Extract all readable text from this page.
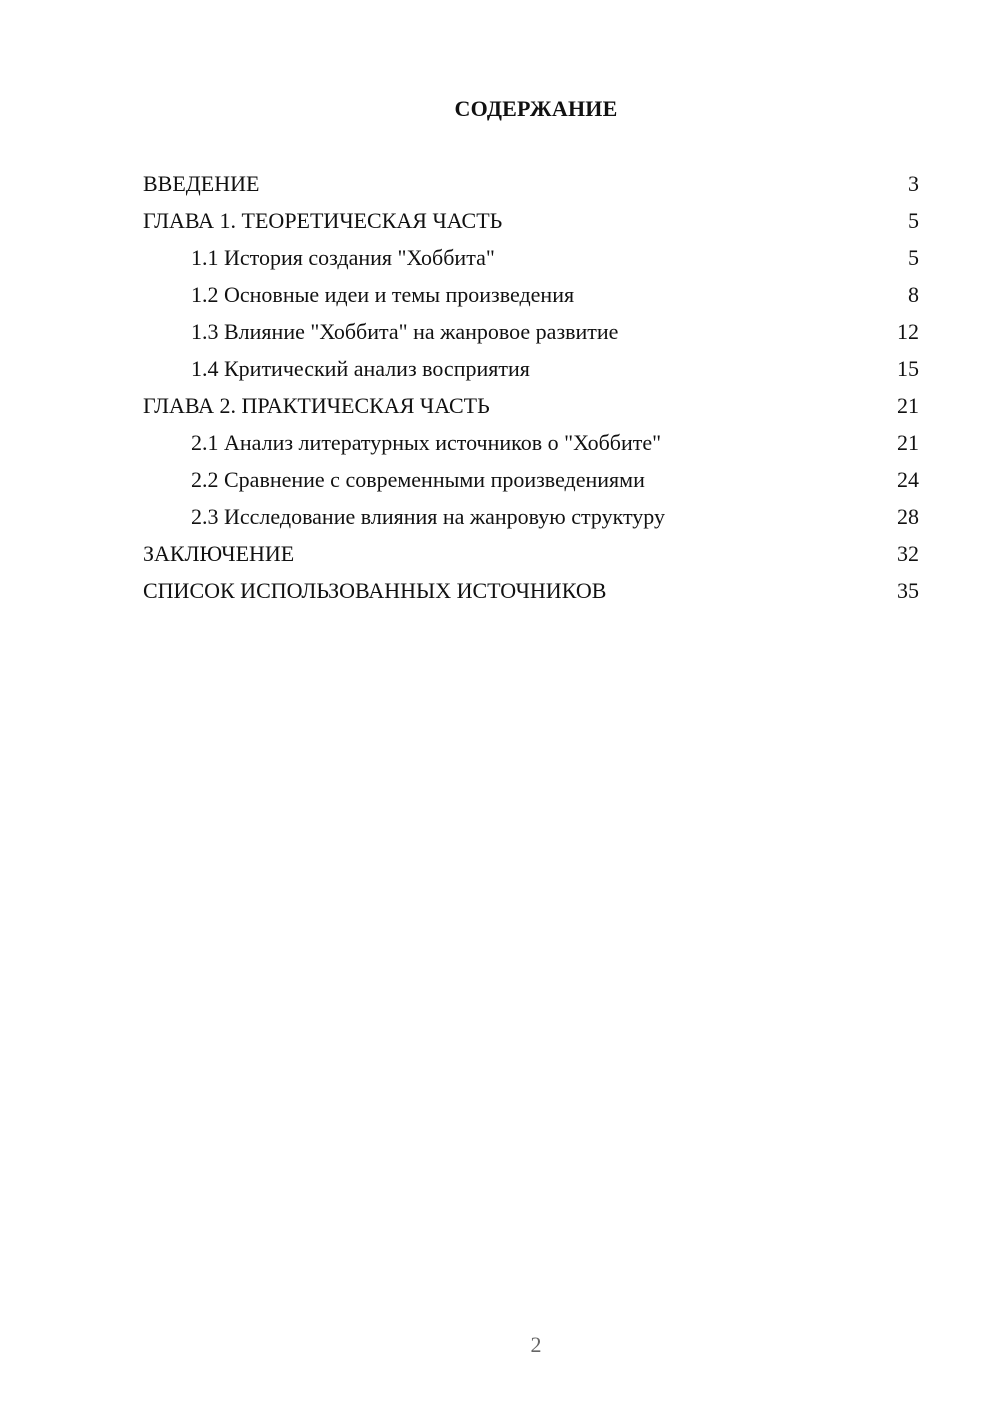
СОДЕРЖАНИЕ
ВВЕДЕНИЕ	3
ГЛАВА 1. ТЕОРЕТИЧЕСКАЯ ЧАСТЬ	5
1.1 История создания "Хоббита"	5
1.2 Основные идеи и темы произведения	8
1.3 Влияние "Хоббита" на жанровое развитие	12
1.4 Критический анализ восприятия	15
ГЛАВА 2. ПРАКТИЧЕСКАЯ ЧАСТЬ	21
2.1 Анализ литературных источников о "Хоббите"	21
2.2 Сравнение с современными произведениями	24
2.3 Исследование влияния на жанровую структуру	28
ЗАКЛЮЧЕНИЕ	32
СПИСОК ИСПОЛЬЗОВАННЫХ ИСТОЧНИКОВ	35
2
